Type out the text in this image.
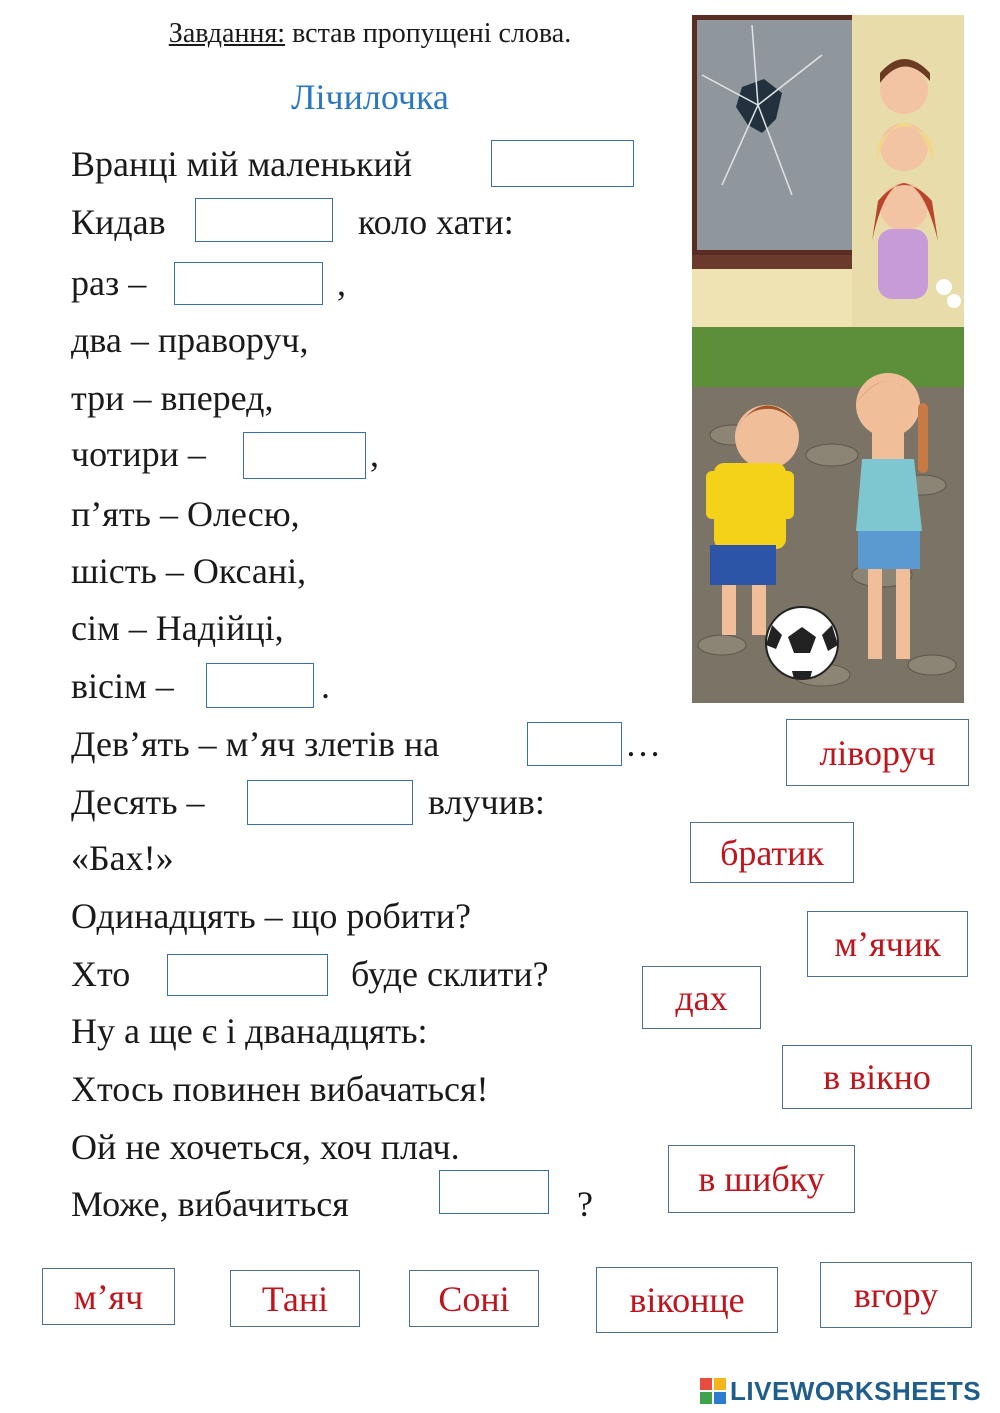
Завдання: встав пропущені слова.
Лічилочка
Вранці мій маленький
Кидав	коло хати:
раз –	,
два – праворуч,
три – вперед,
чотири –	,
п’ять – Олесю,
шість – Оксані,
сім – Надійці,
вісім –	.
Дев’ять – м’яч злетів на	…
Десять –	влучив:
«Бах!»
Одинадцять – що робити?
Хто	буде склити?
Ну а ще є і дванадцять:
Хтось повинен вибачаться!
Ой не хочеться, хоч плач.
Може, вибачиться	?
ліворуч
братик
м’ячик
дах
в вікно
в шибку
м’яч	Тані	Соні	віконце	вгору
LIVEWORKSHEETS
